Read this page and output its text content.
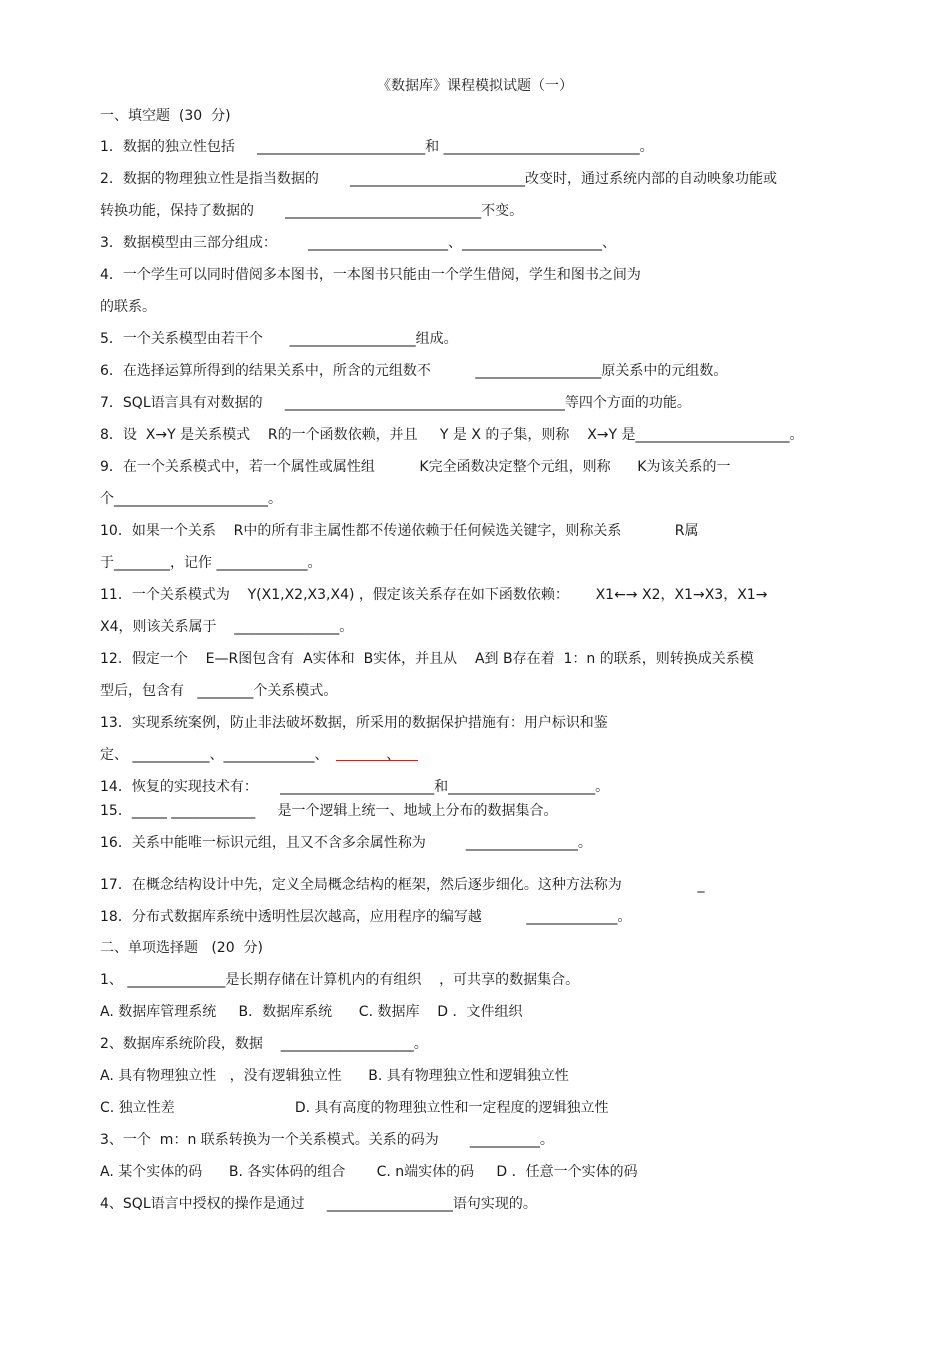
《数据库》课程模拟试题（一）
一、填空题  (30  分)
1．数据的独立性包括     ________________________和 ____________________________。
2．数据的物理独立性是指当数据的       _________________________改变时，通过系统内部的自动映象功能或
转换功能，保持了数据的       ____________________________不变。
3．数据模型由三部分组成：       ____________________、____________________、
4．一个学生可以同时借阅多本图书，一本图书只能由一个学生借阅，学生和图书之间为
的联系。
5．一个关系模型由若干个      __________________组成。
6．在选择运算所得到的结果关系中，所含的元组数不          __________________原关系中的元组数。
7．SQL语言具有对数据的     ________________________________________等四个方面的功能。
8．设  X→Y 是关系模式    R的一个函数依赖，并且     Y 是 X 的子集，则称    X→Y 是______________________。
9．在一个关系模式中，若一个属性或属性组          K完全函数决定整个元组，则称      K为该关系的一
个______________________。
10．如果一个关系    R中的所有非主属性都不传递依赖于任何候选关键字，则称关系            R属
于________，记作 _____________。
11．一个关系模式为    Y(X1,X2,X3,X4) ，假定该关系存在如下函数依赖：      X1←→ X2，X1→X3，X1→
X4，则该关系属于    _______________。
12．假定一个    E—R图包含有  A实体和  B实体，并且从    A到 B存在着  1：n 的联系，则转换成关系模
型后，包含有   ________个关系模式。
13．实现系统案例，防止非法破坏数据，所采用的数据保护措施有：用户标识和鉴
定、 ___________、_____________、             、
14．恢复的实现技术有：     ______________________和_____________________。
15．_____ ____________     是一个逻辑上统一、地域上分布的数据集合。
16．关系中能唯一标识元组，且又不含多余属性称为         ________________。
17．在概念结构设计中先，定义全局概念结构的框架，然后逐步细化。这种方法称为                 _
18．分布式数据库系统中透明性层次越高，应用程序的编写越          _____________。
二、单项选择题   (20  分)
1、 ______________是长期存储在计算机内的有组织    ，可共享的数据集合。
A. 数据库管理系统     B．数据库系统      C. 数据库    D ．文件组织
2、数据库系统阶段，数据    ___________________。
A. 具有物理独立性   ，没有逻辑独立性      B. 具有物理独立性和逻辑独立性
C. 独立性差                           D. 具有高度的物理独立性和一定程度的逻辑独立性
3、一个  m：n 联系转换为一个关系模式。关系的码为       __________。
A. 某个实体的码      B. 各实体码的组合       C. n端实体的码     D ．任意一个实体的码
4、SQL语言中授权的操作是通过     __________________语句实现的。
